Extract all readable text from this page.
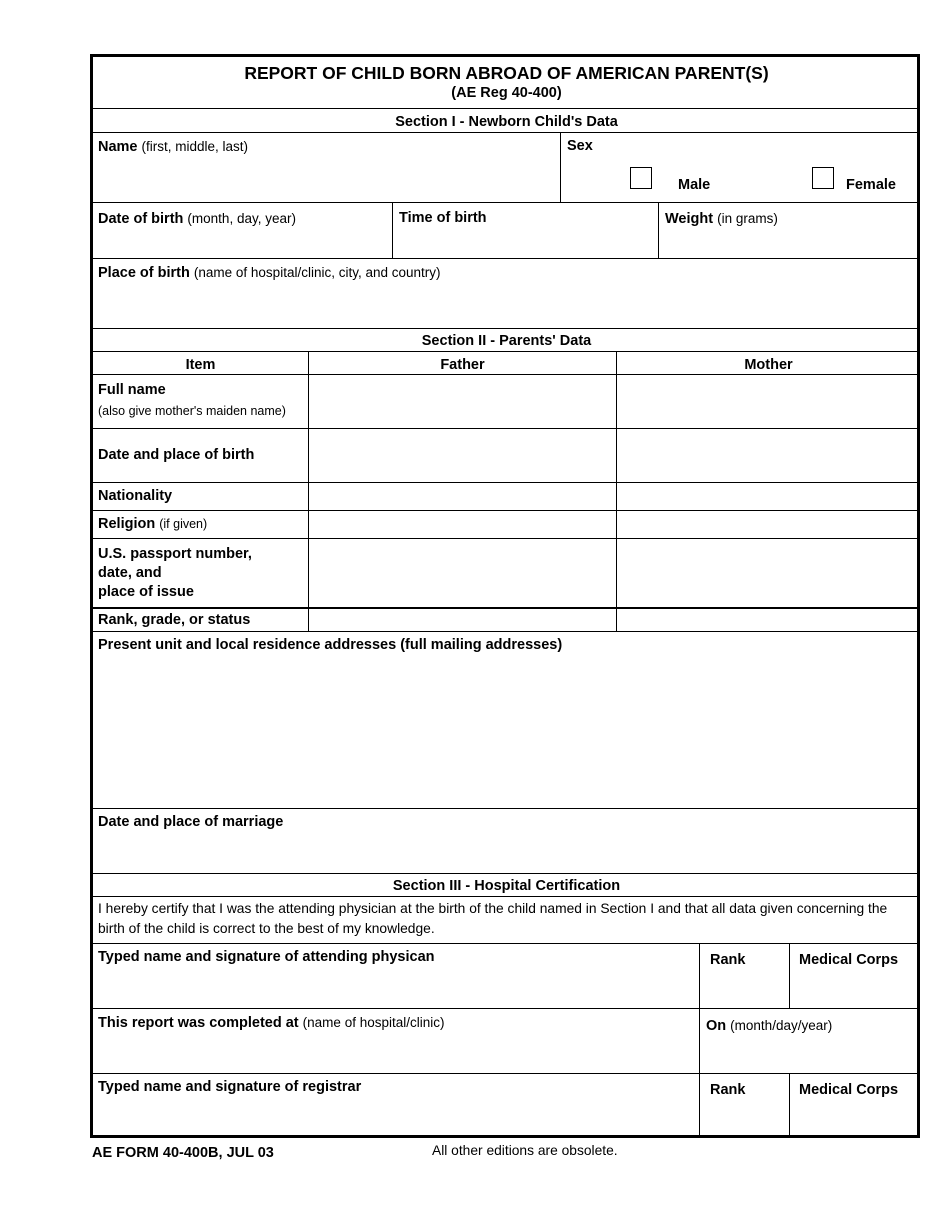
REPORT OF CHILD BORN ABROAD OF AMERICAN PARENT(S)
(AE Reg 40-400)
Section I - Newborn Child's Data
Name (first, middle, last)	Sex
Male	Female
Date of birth (month, day, year)	Time of birth	Weight (in grams)
Place of birth (name of hospital/clinic, city, and country)
Section II - Parents' Data
Item	Father	Mother
Full name
(also give mother's maiden name)
Date and place of birth
Nationality
Religion (if given)
U.S. passport number,
date, and
place of issue
Rank, grade, or status
Present unit and local residence addresses (full mailing addresses)
Date and place of marriage
Section III - Hospital Certification
I hereby certify that I was the attending physician at the birth of the child named in Section I and that all data given concerning the birth of the child is correct to the best of my knowledge.
Typed name and signature of attending physican	Rank	Medical Corps
This report was completed at (name of hospital/clinic)	On (month/day/year)
Typed name and signature of registrar	Rank	Medical Corps
AE FORM 40-400B, JUL 03	All other editions are obsolete.
